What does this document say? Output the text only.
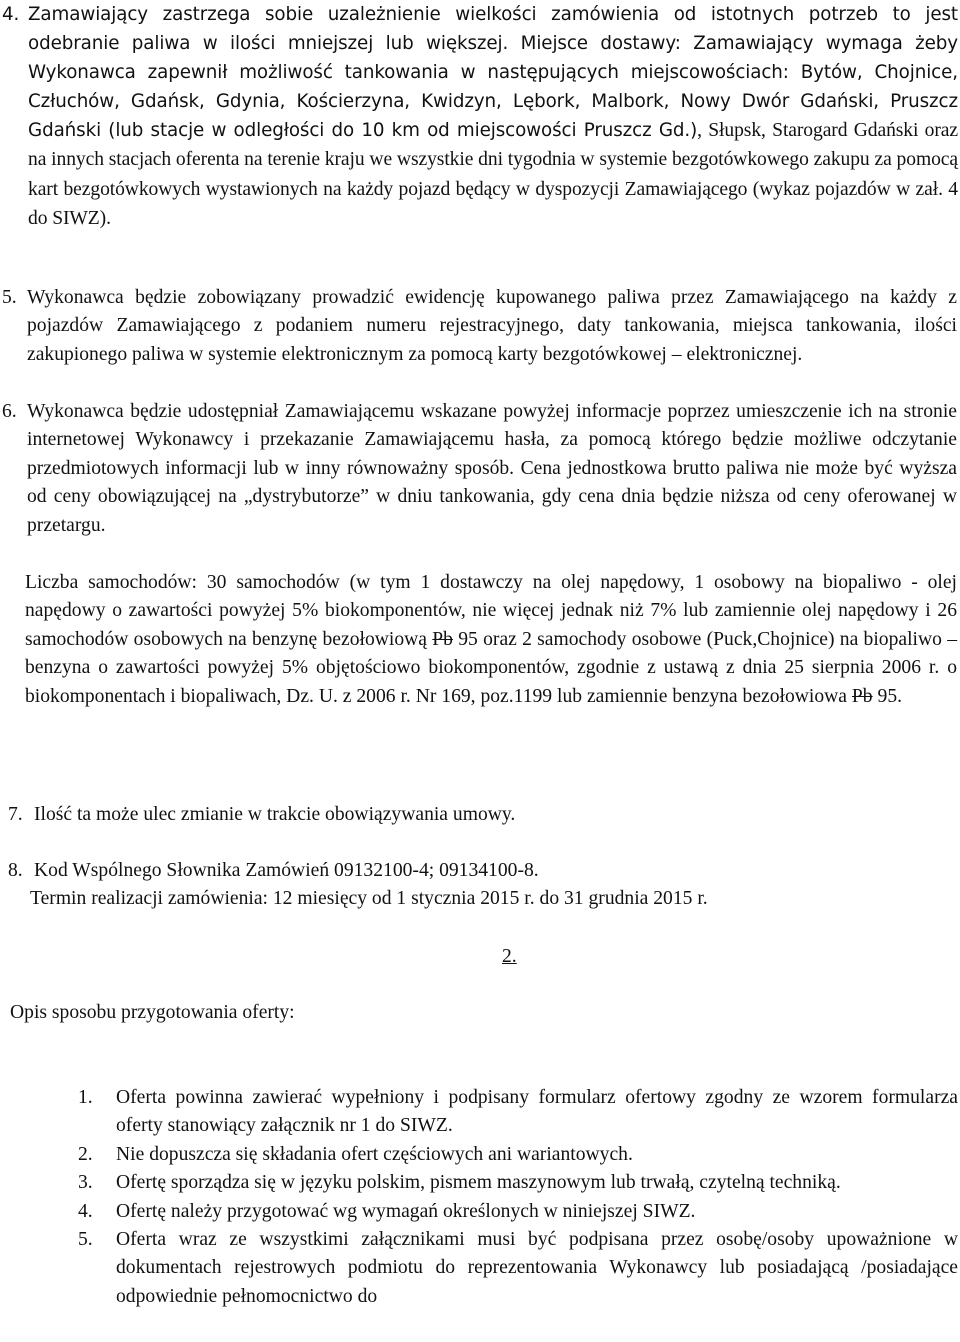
4. Zamawiający zastrzega sobie uzależnienie wielkości zamówienia od istotnych potrzeb to jest odebranie paliwa w ilości mniejszej lub większej. Miejsce dostawy: Zamawiający wymaga żeby Wykonawca zapewnił możliwość tankowania w następujących miejscowościach: Bytów, Chojnice, Człuchów, Gdańsk, Gdynia, Kościerzyna, Kwidzyn, Lębork, Malbork, Nowy Dwór Gdański, Pruszcz Gdański (lub stacje w odległości do 10 km od miejscowości Pruszcz Gd.), Słupsk, Starogard Gdański oraz na innych stacjach oferenta na terenie kraju we wszystkie dni tygodnia w systemie bezgotówkowego zakupu za pomocą kart bezgotówkowych wystawionych na każdy pojazd będący w dyspozycji Zamawiającego (wykaz pojazdów w zał. 4 do SIWZ).
5. Wykonawca będzie zobowiązany prowadzić ewidencję kupowanego paliwa przez Zamawiającego na każdy z pojazdów Zamawiającego z podaniem numeru rejestracyjnego, daty tankowania, miejsca tankowania, ilości zakupionego paliwa w systemie elektronicznym za pomocą karty bezgotówkowej – elektronicznej.
6. Wykonawca będzie udostępniał Zamawiającemu wskazane powyżej informacje poprzez umieszczenie ich na stronie internetowej Wykonawcy i przekazanie Zamawiającemu hasła, za pomocą którego będzie możliwe odczytanie przedmiotowych informacji lub w inny równoważny sposób. Cena jednostkowa brutto paliwa nie może być wyższa od ceny obowiązującej na „dystrybutorze” w dniu tankowania, gdy cena dnia będzie niższa od ceny oferowanej w przetargu.
Liczba samochodów: 30 samochodów (w tym 1 dostawczy na olej napędowy, 1 osobowy na biopaliwo - olej napędowy o zawartości powyżej 5% biokomponentów, nie więcej jednak niż 7% lub zamiennie olej napędowy i 26 samochodów osobowych na benzynę bezołowiową Pb 95 oraz 2 samochody osobowe (Puck,Chojnice) na biopaliwo – benzyna o zawartości powyżej 5% objętościowo biokomponentów, zgodnie z ustawą z dnia 25 sierpnia 2006 r. o biokomponentach i biopaliwach, Dz. U. z 2006 r. Nr 169, poz.1199 lub zamiennie benzyna bezołowiowa Pb 95.
7. Ilość ta może ulec zmianie w trakcie obowiązywania umowy.
8. Kod Wspólnego Słownika Zamówień 09132100-4; 09134100-8.
Termin realizacji zamówienia: 12 miesięcy od 1 stycznia 2015 r. do 31 grudnia 2015 r.
2.
Opis sposobu przygotowania oferty:
1.	Oferta powinna zawierać wypełniony i podpisany formularz ofertowy zgodny ze wzorem formularza oferty stanowiący załącznik nr 1 do SIWZ.
2.	Nie dopuszcza się składania ofert częściowych ani wariantowych.
3.	Ofertę sporządza się w języku polskim, pismem maszynowym lub trwałą, czytelną techniką.
4.	Ofertę należy przygotować wg wymagań określonych w niniejszej SIWZ.
5.	Oferta wraz ze wszystkimi załącznikami musi być podpisana przez osobę/osoby upoważnione w dokumentach rejestrowych podmiotu do reprezentowania Wykonawcy lub posiadającą /posiadające odpowiednie pełnomocnictwo do
